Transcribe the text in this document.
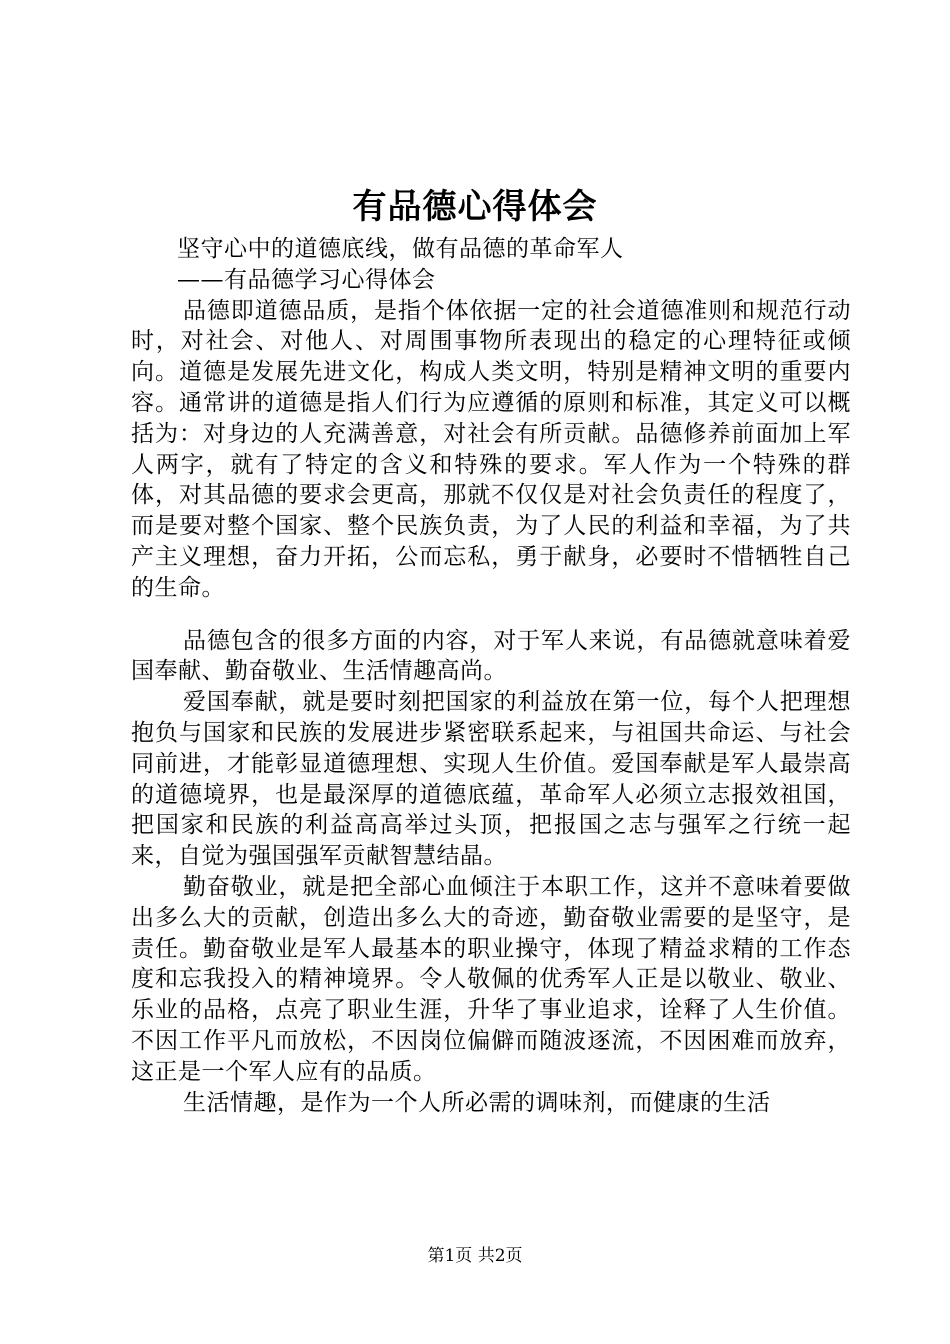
有品德心得体会

坚守心中的道德底线，做有品德的革命军人

——有品德学习心得体会

品德即道德品质，是指个体依据一定的社会道德准则和规范行动时，对社会、对他人、对周围事物所表现出的稳定的心理特征或倾向。道德是发展先进文化，构成人类文明，特别是精神文明的重要内容。通常讲的道德是指人们行为应遵循的原则和标准，其定义可以概括为：对身边的人充满善意，对社会有所贡献。品德修养前面加上军人两字，就有了特定的含义和特殊的要求。军人作为一个特殊的群体，对其品德的要求会更高，那就不仅仅是对社会负责任的程度了，而是要对整个国家、整个民族负责，为了人民的利益和幸福，为了共产主义理想，奋力开拓，公而忘私，勇于献身，必要时不惜牺牲自己的生命。

品德包含的很多方面的内容，对于军人来说，有品德就意味着爱国奉献、勤奋敬业、生活情趣高尚。

爱国奉献，就是要时刻把国家的利益放在第一位，每个人把理想抱负与国家和民族的发展进步紧密联系起来，与祖国共命运、与社会同前进，才能彰显道德理想、实现人生价值。爱国奉献是军人最崇高的道德境界，也是最深厚的道德底蕴，革命军人必须立志报效祖国，把国家和民族的利益高高举过头顶，把报国之志与强军之行统一起来，自觉为强国强军贡献智慧结晶。

勤奋敬业，就是把全部心血倾注于本职工作，这并不意味着要做出多么大的贡献，创造出多么大的奇迹，勤奋敬业需要的是坚守，是责任。勤奋敬业是军人最基本的职业操守，体现了精益求精的工作态度和忘我投入的精神境界。令人敬佩的优秀军人正是以敬业、敬业、乐业的品格，点亮了职业生涯，升华了事业追求，诠释了人生价值。不因工作平凡而放松，不因岗位偏僻而随波逐流，不因困难而放弃，这正是一个军人应有的品质。

生活情趣，是作为一个人所必需的调味剂，而健康的生活

第1页 共2页
